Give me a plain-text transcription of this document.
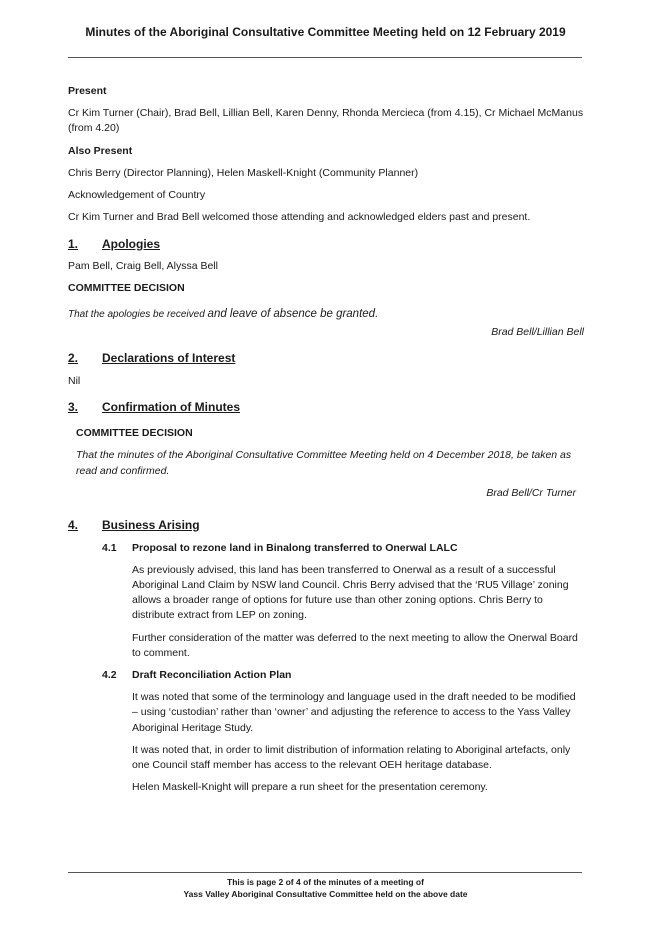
Minutes of the Aboriginal Consultative Committee Meeting held on 12 February 2019

Present

Cr Kim Turner (Chair), Brad Bell, Lillian Bell, Karen Denny, Rhonda Mercieca (from 4.15), Cr Michael McManus (from 4.20)

Also Present

Chris Berry (Director Planning), Helen Maskell-Knight (Community Planner)

Acknowledgement of Country

Cr Kim Turner and Brad Bell welcomed those attending and acknowledged elders past and present.

1.	Apologies

Pam Bell, Craig Bell, Alyssa Bell

COMMITTEE DECISION

That the apologies be received and leave of absence be granted.

Brad Bell/Lillian Bell

2.	Declarations of Interest

Nil

3.	Confirmation of Minutes

COMMITTEE DECISION

That the minutes of the Aboriginal Consultative Committee Meeting held on 4 December 2018, be taken as read and confirmed.

Brad Bell/Cr Turner

4.	Business Arising
4.1	Proposal to rezone land in Binalong transferred to Onerwal LALC

As previously advised, this land has been transferred to Onerwal as a result of a successful Aboriginal Land Claim by NSW land Council. Chris Berry advised that the ‘RU5 Village’ zoning allows a broader range of options for future use than other zoning options. Chris Berry to distribute extract from LEP on zoning.

Further consideration of the matter was deferred to the next meeting to allow the Onerwal Board to comment.

4.2	Draft Reconciliation Action Plan

It was noted that some of the terminology and language used in the draft needed to be modified – using ‘custodian’ rather than ‘owner’ and adjusting the reference to access to the Yass Valley Aboriginal Heritage Study.

It was noted that, in order to limit distribution of information relating to Aboriginal artefacts, only one Council staff member has access to the relevant OEH heritage database.

Helen Maskell-Knight will prepare a run sheet for the presentation ceremony.

This is page 2 of 4 of the minutes of a meeting of
Yass Valley Aboriginal Consultative Committee held on the above date
